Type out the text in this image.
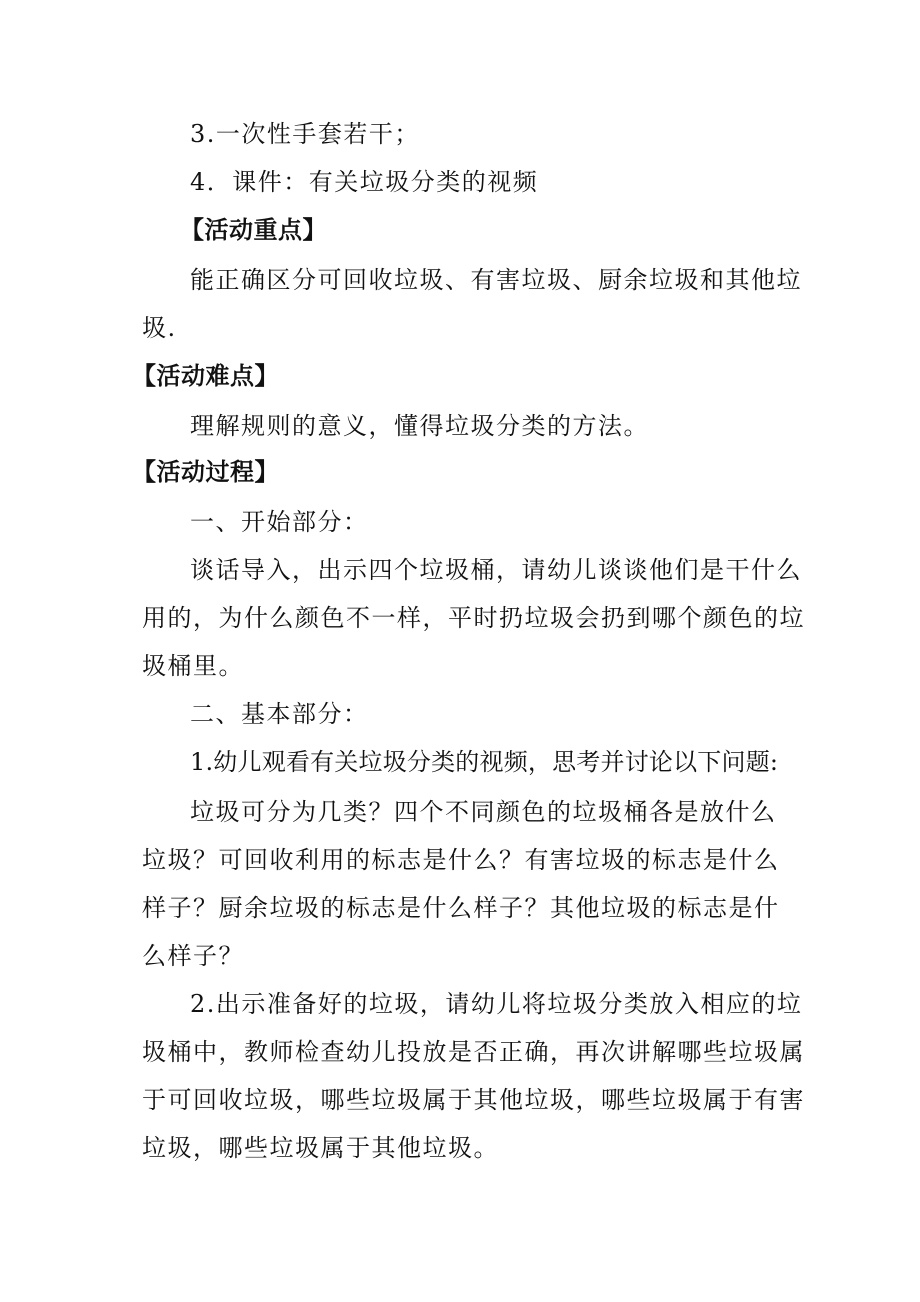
3.一次性手套若干；
4．课件：有关垃圾分类的视频
【活动重点】
能正确区分可回收垃圾、有害垃圾、厨余垃圾和其他垃
圾.
【活动难点】
理解规则的意义，懂得垃圾分类的方法。
【活动过程】
一、开始部分：
谈话导入，出示四个垃圾桶，请幼儿谈谈他们是干什么
用的，为什么颜色不一样，平时扔垃圾会扔到哪个颜色的垃
圾桶里。
二、基本部分：
1.幼儿观看有关垃圾分类的视频，思考并讨论以下问题:
垃圾可分为几类？四个不同颜色的垃圾桶各是放什么
垃圾？可回收利用的标志是什么？有害垃圾的标志是什么
样子？厨余垃圾的标志是什么样子？其他垃圾的标志是什
么样子？
2.出示准备好的垃圾，请幼儿将垃圾分类放入相应的垃
圾桶中，教师检查幼儿投放是否正确，再次讲解哪些垃圾属
于可回收垃圾，哪些垃圾属于其他垃圾，哪些垃圾属于有害
垃圾，哪些垃圾属于其他垃圾。
